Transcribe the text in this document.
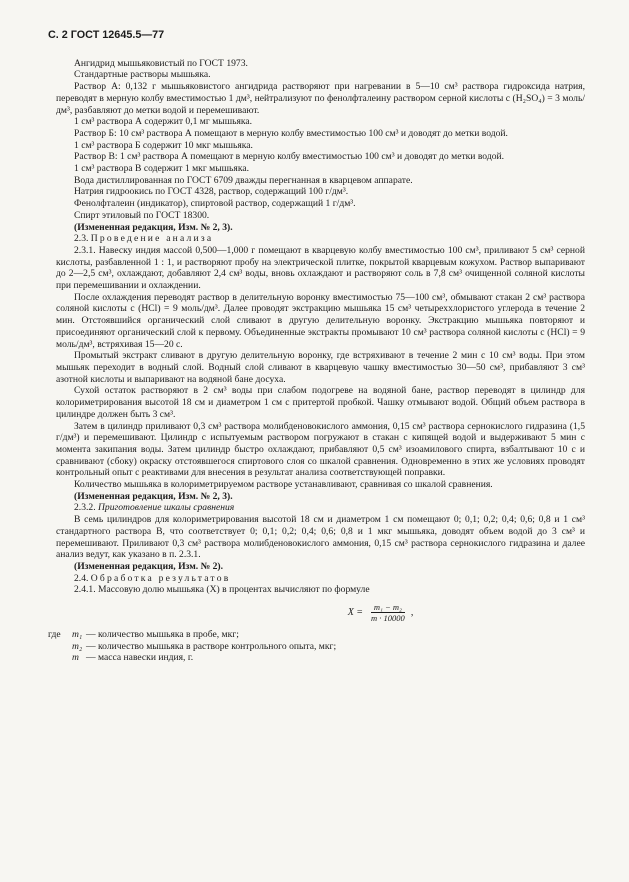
С. 2 ГОСТ 12645.5—77

Ангидрид мышьяковистый по ГОСТ 1973.

Стандартные растворы мышьяка.

Раствор А: 0,132 г мышьяковистого ангидрида растворяют при нагревании в 5—10 см³ раствора гидроксида натрия, переводят в мерную колбу вместимостью 1 дм³, нейтрализуют по фенолфталеину раствором серной кислоты с (H₂SO₄) = 3 моль/дм³, разбавляют до метки водой и перемешивают.

1 см³ раствора А содержит 0,1 мг мышьяка.

Раствор Б: 10 см³ раствора А помещают в мерную колбу вместимостью 100 см³ и доводят до метки водой.

1 см³ раствора Б содержит 10 мкг мышьяка.

Раствор В: 1 см³ раствора А помещают в мерную колбу вместимостью 100 см³ и доводят до метки водой.

1 см³ раствора В содержит 1 мкг мышьяка.

Вода дистиллированная по ГОСТ 6709 дважды перегнанная в кварцевом аппарате.

Натрия гидроокись по ГОСТ 4328, раствор, содержащий 100 г/дм³.

Фенолфталеин (индикатор), спиртовой раствор, содержащий 1 г/дм³.

Спирт этиловый по ГОСТ 18300.

(Измененная редакция, Изм. № 2, 3).

2.3. Проведение анализа

2.3.1. Навеску индия массой 0,500—1,000 г помещают в кварцевую колбу вместимостью 100 см³, приливают 5 см³ серной кислоты, разбавленной 1 : 1, и растворяют пробу на электрической плитке, покрытой кварцевым кожухом. Раствор выпаривают до 2—2,5 см³, охлаждают, добавляют 2,4 см³ воды, вновь охлаждают и растворяют соль в 7,8 см³ очищенной соляной кислоты при перемешивании и охлаждении.

После охлаждения переводят раствор в делительную воронку вместимостью 75—100 см³, обмывают стакан 2 см³ раствора соляной кислоты с (HCl) = 9 моль/дм³. Далее проводят экстракцию мышьяка 15 см³ четыреххлористого углерода в течение 2 мин. Отстоявшийся органический слой сливают в другую делительную воронку. Экстракцию мышьяка повторяют и присоединяют органический слой к первому. Объединенные экстракты промывают 10 см³ раствора соляной кислоты с (HCl) = 9 моль/дм³, встряхивая 15—20 с.

Промытый экстракт сливают в другую делительную воронку, где встряхивают в течение 2 мин с 10 см³ воды. При этом мышьяк переходит в водный слой. Водный слой сливают в кварцевую чашку вместимостью 30—50 см³, прибавляют 3 см³ азотной кислоты и выпаривают на водяной бане досуха.

Сухой остаток растворяют в 2 см³ воды при слабом подогреве на водяной бане, раствор переводят в цилиндр для колориметрирования высотой 18 см и диаметром 1 см с притертой пробкой. Чашку отмывают водой. Общий объем раствора в цилиндре должен быть 3 см³.

Затем в цилиндр приливают 0,3 см³ раствора молибденовокислого аммония, 0,15 см³ раствора сернокислого гидразина (1,5 г/дм³) и перемешивают. Цилиндр с испытуемым раствором погружают в стакан с кипящей водой и выдерживают 5 мин с момента закипания воды. Затем цилиндр быстро охлаждают, прибавляют 0,5 см³ изоамилового спирта, взбалтывают 10 с и сравнивают (сбоку) окраску отстоявшегося спиртового слоя со шкалой сравнения. Одновременно в этих же условиях проводят контрольный опыт с реактивами для внесения в результат анализа соответствующей поправки.

Количество мышьяка в колориметрируемом растворе устанавливают, сравнивая со шкалой сравнения.

(Измененная редакция, Изм. № 2, 3).

2.3.2. Приготовление шкалы сравнения

В семь цилиндров для колориметрирования высотой 18 см и диаметром 1 см помещают 0; 0,1; 0,2; 0,4; 0,6; 0,8 и 1 см³ стандартного раствора В, что соответствует 0; 0,1; 0,2; 0,4; 0,6; 0,8 и 1 мкг мышьяка, доводят объем водой до 3 см³ и перемешивают. Приливают 0,3 см³ раствора молибденовокислого аммония, 0,15 см³ раствора сернокислого гидразина и далее анализ ведут, как указано в п. 2.3.1.

(Измененная редакция, Изм. № 2).

2.4. Обработка результатов

2.4.1. Массовую долю мышьяка (X) в процентах вычисляют по формуле

$X = \frac{\text{m₁ − m₂}}{m \cdot 10000}$ ,
где	m₁ — количество мышьяка в пробе, мкг;
m₂ — количество мышьяка в растворе контрольного опыта, мкг;
m — масса навески индия, г.
